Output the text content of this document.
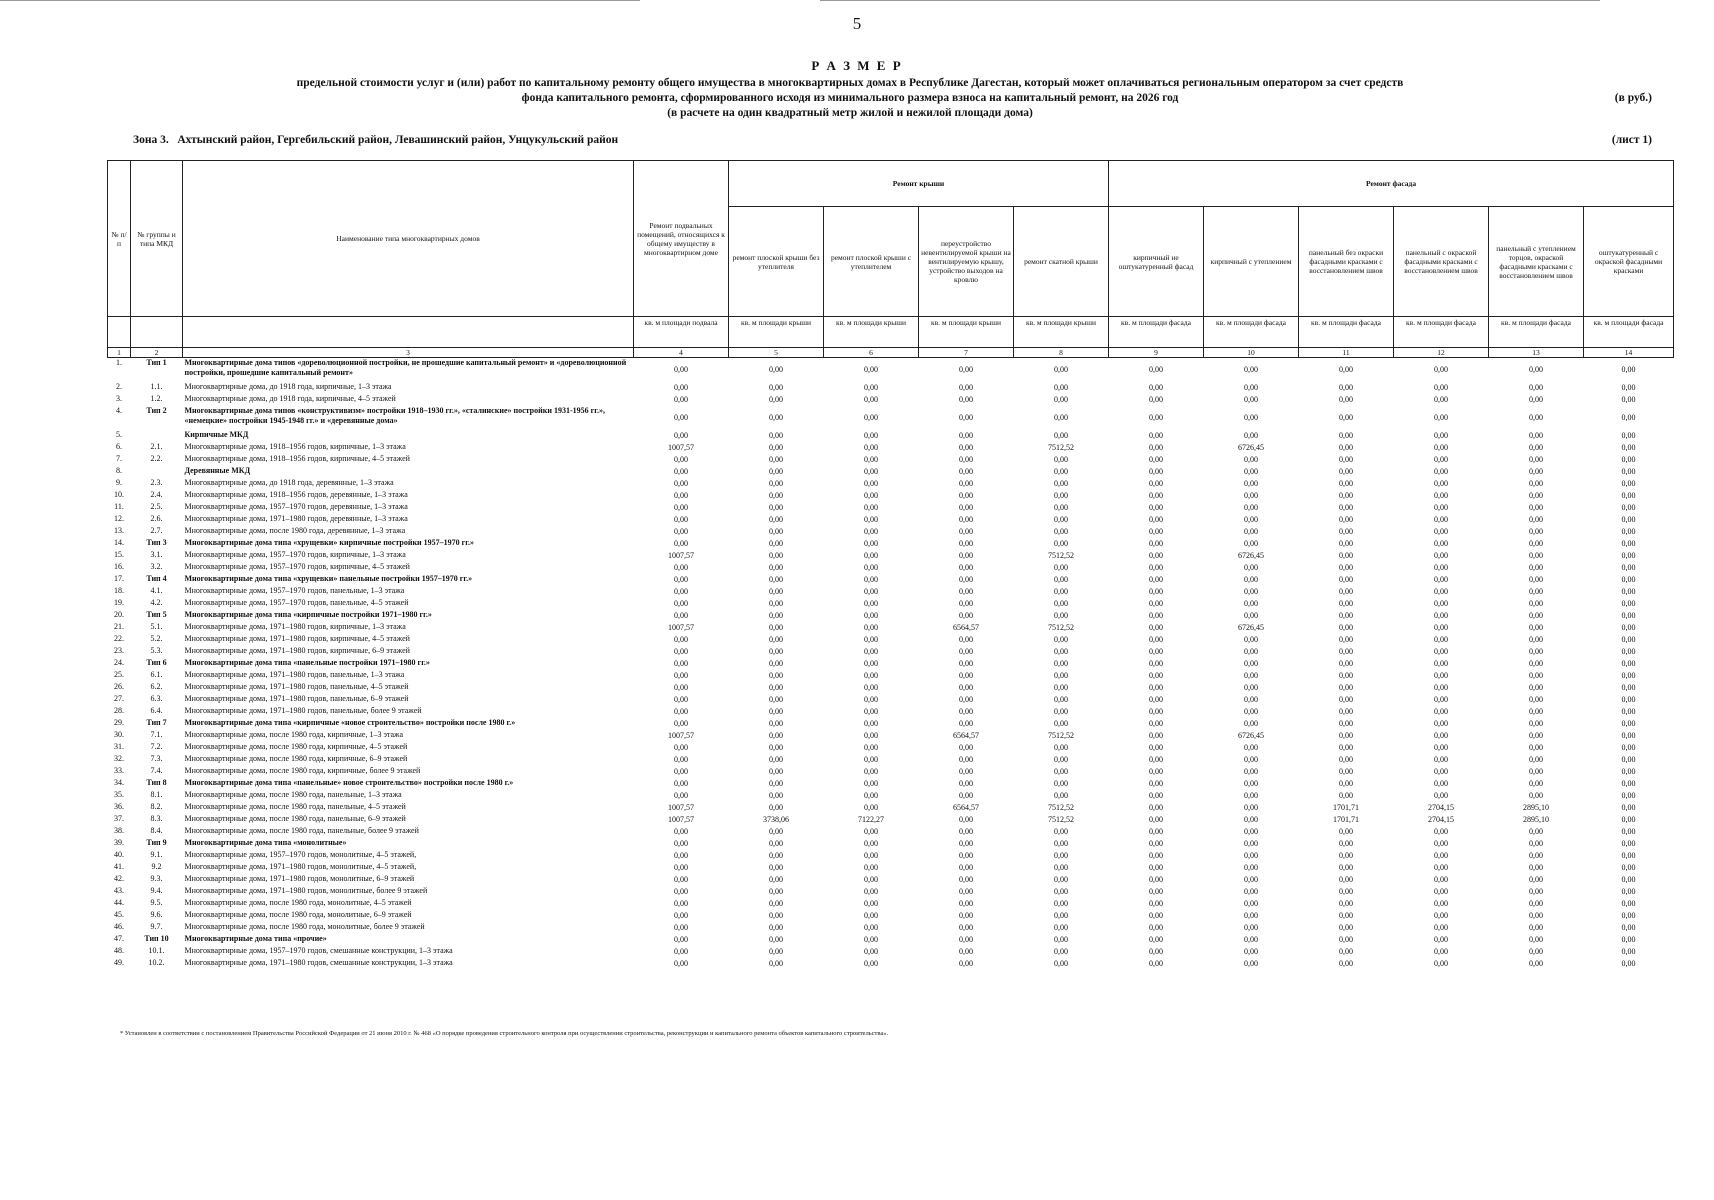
5
Р А З М Е Р
предельной стоимости услуг и (или) работ по капитальному ремонту общего имущества в многоквартирных домах в Республике Дагестан, который может оплачиваться региональным оператором за счет средств
фонда капитального ремонта, сформированного исходя из минимального размера взноса на капитальный ремонт, на 2026 год
(в расчете на один квадратный метр жилой и нежилой площади дома)
(в руб.)
Зона 3.   Ахтынский район, Гергебильский район, Левашинский район, Унцукульский район	(лист 1)
№ п/п	№ группы и типа МКД	Наименование типа многоквартирных домов	Ремонт подвальных помещений, относящихся к общему имуществу в многоквартирном доме	Ремонт крыши				Ремонт фасада					
				ремонт плоской крыши без утеплителя	ремонт плоской крыши с утеплителем	переустройство невентилируемой крыши на вентилируемую крышу, устройство выходов на кровлю	ремонт скатной крыши	кирпичный не оштукатуренный фасад	кирпичный с утеплением	панельный без окраски фасадными красками с восстановлением швов	панельный с окраской фасадными красками с восстановлением швов	панельный с утеплением торцов, окраской фасадными красками с восстановлением швов	оштукатуренный с окраской фасадными красками
			кв. м площади подвала	кв. м площади крыши	кв. м площади крыши	кв. м площади крыши	кв. м площади крыши	кв. м площади фасада	кв. м площади фасада	кв. м площади фасада	кв. м площади фасада	кв. м площади фасада	кв. м площади фасада
1	2	3	4	5	6	7	8	9	10	11	12	13	14
1.	Тип 1	Многоквартирные дома типов «дореволюционной постройки, не прошедшие капитальный ремонт» и «дореволюционной постройки, прошедшие капитальный ремонт»	0,00	0,00	0,00	0,00	0,00	0,00	0,00	0,00	0,00	0,00	0,00
2.	1.1.	Многоквартирные дома, до 1918 года, кирпичные, 1–3 этажа	0,00	0,00	0,00	0,00	0,00	0,00	0,00	0,00	0,00	0,00	0,00
3.	1.2.	Многоквартирные дома, до 1918 года, кирпичные, 4–5 этажей	0,00	0,00	0,00	0,00	0,00	0,00	0,00	0,00	0,00	0,00	0,00
4.	Тип 2	Многоквартирные дома типов «конструктивизм» постройки 1918–1930 гг.», «сталинские» постройки 1931-1956 гг.», «немецкие» постройки 1945-1948 гг.» и «деревянные дома»	0,00	0,00	0,00	0,00	0,00	0,00	0,00	0,00	0,00	0,00	0,00
5.		Кирпичные МКД	0,00	0,00	0,00	0,00	0,00	0,00	0,00	0,00	0,00	0,00	0,00
6.	2.1.	Многоквартирные дома, 1918–1956 годов, кирпичные, 1–3 этажа	1007,57	0,00	0,00	0,00	7512,52	0,00	6726,45	0,00	0,00	0,00	0,00
7.	2.2.	Многоквартирные дома, 1918–1956 годов, кирпичные, 4–5 этажей	0,00	0,00	0,00	0,00	0,00	0,00	0,00	0,00	0,00	0,00	0,00
8.		Деревянные МКД	0,00	0,00	0,00	0,00	0,00	0,00	0,00	0,00	0,00	0,00	0,00
9.	2.3.	Многоквартирные дома, до 1918 года, деревянные, 1–3 этажа	0,00	0,00	0,00	0,00	0,00	0,00	0,00	0,00	0,00	0,00	0,00
10.	2.4.	Многоквартирные дома, 1918–1956 годов, деревянные, 1–3 этажа	0,00	0,00	0,00	0,00	0,00	0,00	0,00	0,00	0,00	0,00	0,00
11.	2.5.	Многоквартирные дома, 1957–1970 годов, деревянные, 1–3 этажа	0,00	0,00	0,00	0,00	0,00	0,00	0,00	0,00	0,00	0,00	0,00
12.	2.6.	Многоквартирные дома, 1971–1980 годов, деревянные, 1–3 этажа	0,00	0,00	0,00	0,00	0,00	0,00	0,00	0,00	0,00	0,00	0,00
13.	2.7.	Многоквартирные дома, после 1980 года, деревянные, 1–3 этажа	0,00	0,00	0,00	0,00	0,00	0,00	0,00	0,00	0,00	0,00	0,00
14.	Тип 3	Многоквартирные дома типа «хрущевки» кирпичные постройки 1957–1970 гг.»	0,00	0,00	0,00	0,00	0,00	0,00	0,00	0,00	0,00	0,00	0,00
15.	3.1.	Многоквартирные дома, 1957–1970 годов, кирпичные, 1–3 этажа	1007,57	0,00	0,00	0,00	7512,52	0,00	6726,45	0,00	0,00	0,00	0,00
16.	3.2.	Многоквартирные дома, 1957–1970 годов, кирпичные, 4–5 этажей	0,00	0,00	0,00	0,00	0,00	0,00	0,00	0,00	0,00	0,00	0,00
17.	Тип 4	Многоквартирные дома типа «хрущевки» панельные постройки 1957–1970 гг.»	0,00	0,00	0,00	0,00	0,00	0,00	0,00	0,00	0,00	0,00	0,00
18.	4.1.	Многоквартирные дома, 1957–1970 годов, панельные, 1–3 этажа	0,00	0,00	0,00	0,00	0,00	0,00	0,00	0,00	0,00	0,00	0,00
19.	4.2.	Многоквартирные дома, 1957–1970 годов, панельные, 4–5 этажей	0,00	0,00	0,00	0,00	0,00	0,00	0,00	0,00	0,00	0,00	0,00
20.	Тип 5	Многоквартирные дома типа «кирпичные постройки 1971–1980 гг.»	0,00	0,00	0,00	0,00	0,00	0,00	0,00	0,00	0,00	0,00	0,00
21.	5.1.	Многоквартирные дома, 1971–1980 годов, кирпичные, 1–3 этажа	1007,57	0,00	0,00	6564,57	7512,52	0,00	6726,45	0,00	0,00	0,00	0,00
22.	5.2.	Многоквартирные дома, 1971–1980 годов, кирпичные, 4–5 этажей	0,00	0,00	0,00	0,00	0,00	0,00	0,00	0,00	0,00	0,00	0,00
23.	5.3.	Многоквартирные дома, 1971–1980 годов, кирпичные, 6–9 этажей	0,00	0,00	0,00	0,00	0,00	0,00	0,00	0,00	0,00	0,00	0,00
24.	Тип 6	Многоквартирные дома типа «панельные постройки 1971–1980 гг.»	0,00	0,00	0,00	0,00	0,00	0,00	0,00	0,00	0,00	0,00	0,00
25.	6.1.	Многоквартирные дома, 1971–1980 годов, панельные, 1–3 этажа	0,00	0,00	0,00	0,00	0,00	0,00	0,00	0,00	0,00	0,00	0,00
26.	6.2.	Многоквартирные дома, 1971–1980 годов, панельные, 4–5 этажей	0,00	0,00	0,00	0,00	0,00	0,00	0,00	0,00	0,00	0,00	0,00
27.	6.3.	Многоквартирные дома, 1971–1980 годов, панельные, 6–9 этажей	0,00	0,00	0,00	0,00	0,00	0,00	0,00	0,00	0,00	0,00	0,00
28.	6.4.	Многоквартирные дома, 1971–1980 годов, панельные, более 9 этажей	0,00	0,00	0,00	0,00	0,00	0,00	0,00	0,00	0,00	0,00	0,00
29.	Тип 7	Многоквартирные дома типа «кирпичные «новое строительство» постройки после 1980 г.»	0,00	0,00	0,00	0,00	0,00	0,00	0,00	0,00	0,00	0,00	0,00
30.	7.1.	Многоквартирные дома, после 1980 года, кирпичные, 1–3 этажа	1007,57	0,00	0,00	6564,57	7512,52	0,00	6726,45	0,00	0,00	0,00	0,00
31.	7.2.	Многоквартирные дома, после 1980 года, кирпичные, 4–5 этажей	0,00	0,00	0,00	0,00	0,00	0,00	0,00	0,00	0,00	0,00	0,00
32.	7.3.	Многоквартирные дома, после 1980 года, кирпичные, 6–9 этажей	0,00	0,00	0,00	0,00	0,00	0,00	0,00	0,00	0,00	0,00	0,00
33.	7.4.	Многоквартирные дома, после 1980 года, кирпичные, более 9 этажей	0,00	0,00	0,00	0,00	0,00	0,00	0,00	0,00	0,00	0,00	0,00
34.	Тип 8	Многоквартирные дома типа «панельные» новое строительство» постройки после 1980 г.»	0,00	0,00	0,00	0,00	0,00	0,00	0,00	0,00	0,00	0,00	0,00
35.	8.1.	Многоквартирные дома, после 1980 года, панельные, 1–3 этажа	0,00	0,00	0,00	0,00	0,00	0,00	0,00	0,00	0,00	0,00	0,00
36.	8.2.	Многоквартирные дома, после 1980 года, панельные, 4–5 этажей	1007,57	0,00	0,00	6564,57	7512,52	0,00	0,00	1701,71	2704,15	2895,10	0,00
37.	8.3.	Многоквартирные дома, после 1980 года, панельные, 6–9 этажей	1007,57	3738,06	7122,27	0,00	7512,52	0,00	0,00	1701,71	2704,15	2895,10	0,00
38.	8.4.	Многоквартирные дома, после 1980 года, панельные, более 9 этажей	0,00	0,00	0,00	0,00	0,00	0,00	0,00	0,00	0,00	0,00	0,00
39.	Тип 9	Многоквартирные дома типа «монолитные»	0,00	0,00	0,00	0,00	0,00	0,00	0,00	0,00	0,00	0,00	0,00
40.	9.1.	Многоквартирные дома, 1957–1970 годов, монолитные, 4–5 этажей,	0,00	0,00	0,00	0,00	0,00	0,00	0,00	0,00	0,00	0,00	0,00
41.	9.2	Многоквартирные дома, 1971–1980 годов, монолитные, 4–5 этажей,	0,00	0,00	0,00	0,00	0,00	0,00	0,00	0,00	0,00	0,00	0,00
42.	9.3.	Многоквартирные дома, 1971–1980 годов, монолитные, 6–9 этажей	0,00	0,00	0,00	0,00	0,00	0,00	0,00	0,00	0,00	0,00	0,00
43.	9.4.	Многоквартирные дома, 1971–1980 годов, монолитные, более 9 этажей	0,00	0,00	0,00	0,00	0,00	0,00	0,00	0,00	0,00	0,00	0,00
44.	9.5.	Многоквартирные дома, после 1980 года, монолитные, 4–5 этажей	0,00	0,00	0,00	0,00	0,00	0,00	0,00	0,00	0,00	0,00	0,00
45.	9.6.	Многоквартирные дома, после 1980 года, монолитные, 6–9 этажей	0,00	0,00	0,00	0,00	0,00	0,00	0,00	0,00	0,00	0,00	0,00
46.	9.7.	Многоквартирные дома, после 1980 года, монолитные, более 9 этажей	0,00	0,00	0,00	0,00	0,00	0,00	0,00	0,00	0,00	0,00	0,00
47.	Тип 10	Многоквартирные дома типа «прочие»	0,00	0,00	0,00	0,00	0,00	0,00	0,00	0,00	0,00	0,00	0,00
48.	10.1.	Многоквартирные дома, 1957–1970 годов, смешанные конструкции, 1–3 этажа	0,00	0,00	0,00	0,00	0,00	0,00	0,00	0,00	0,00	0,00	0,00
49.	10.2.	Многоквартирные дома, 1971–1980 годов, смешанные конструкции, 1–3 этажа	0,00	0,00	0,00	0,00	0,00	0,00	0,00	0,00	0,00	0,00	0,00
* Установлен в соответствии с постановлением Правительства Российской Федерации от 21 июня 2010 г. № 468 «О порядке проведения строительного контроля при осуществлении строительства, реконструкции и капитального ремонта объектов капитального строительства».
